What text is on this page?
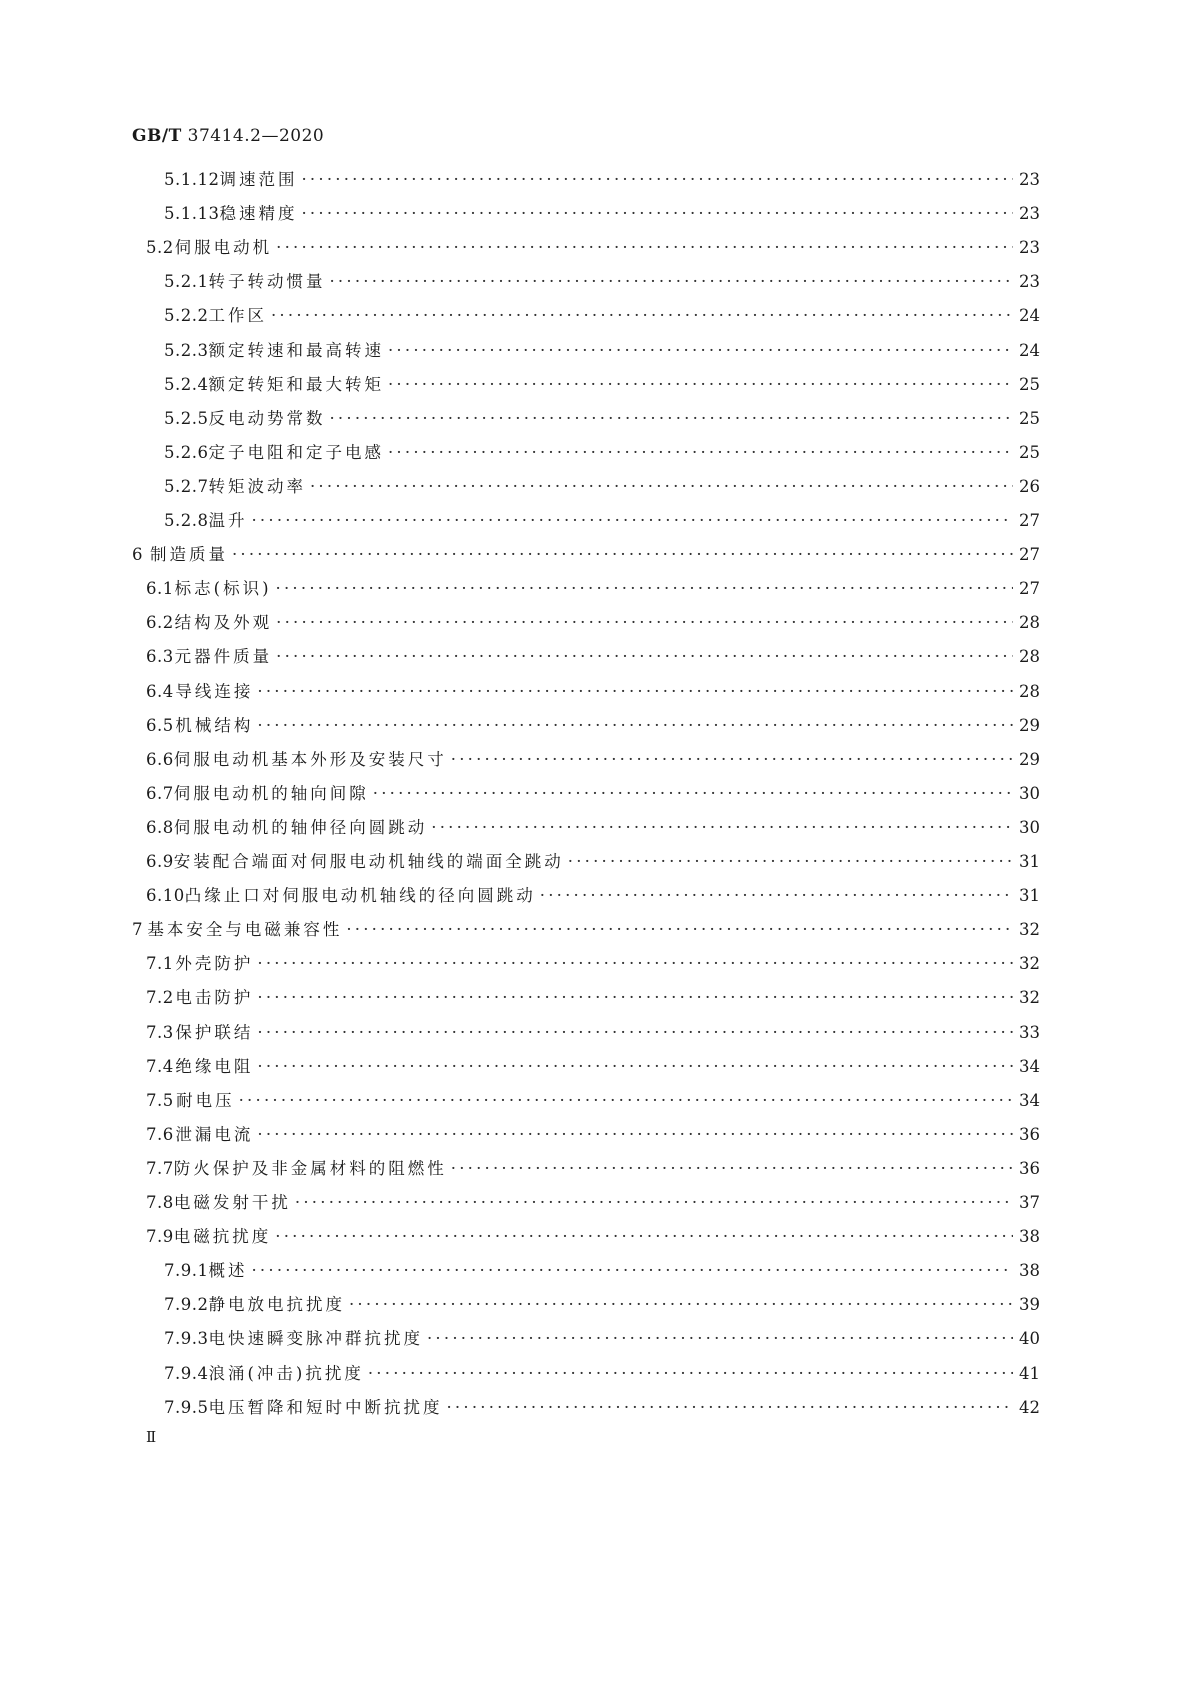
GB/T 37414.2—2020
5.1.12 调速范围 ·····	23
5.1.13 稳速精度 ·····	23
5.2 伺服电动机 ·····	23
5.2.1 转子转动惯量 ·····	23
5.2.2 工作区 ·····	24
5.2.3 额定转速和最高转速 ·····	24
5.2.4 额定转矩和最大转矩 ·····	25
5.2.5 反电动势常数 ·····	25
5.2.6 定子电阻和定子电感 ·····	25
5.2.7 转矩波动率 ·····	26
5.2.8 温升 ·····	27
6 制造质量 ·····	27
6.1 标志(标识) ·····	27
6.2 结构及外观 ·····	28
6.3 元器件质量 ·····	28
6.4 导线连接 ·····	28
6.5 机械结构 ·····	29
6.6 伺服电动机基本外形及安装尺寸 ·····	29
6.7 伺服电动机的轴向间隙 ·····	30
6.8 伺服电动机的轴伸径向圆跳动 ·····	30
6.9 安装配合端面对伺服电动机轴线的端面全跳动 ·····	31
6.10 凸缘止口对伺服电动机轴线的径向圆跳动 ·····	31
7 基本安全与电磁兼容性 ·····	32
7.1 外壳防护 ·····	32
7.2 电击防护 ·····	32
7.3 保护联结 ·····	33
7.4 绝缘电阻 ·····	34
7.5 耐电压 ·····	34
7.6 泄漏电流 ·····	36
7.7 防火保护及非金属材料的阻燃性 ·····	36
7.8 电磁发射干扰 ·····	37
7.9 电磁抗扰度 ·····	38
7.9.1 概述 ·····	38
7.9.2 静电放电抗扰度 ·····	39
7.9.3 电快速瞬变脉冲群抗扰度 ·····	40
7.9.4 浪涌(冲击)抗扰度 ·····	41
7.9.5 电压暂降和短时中断抗扰度 ·····	42
Ⅱ
